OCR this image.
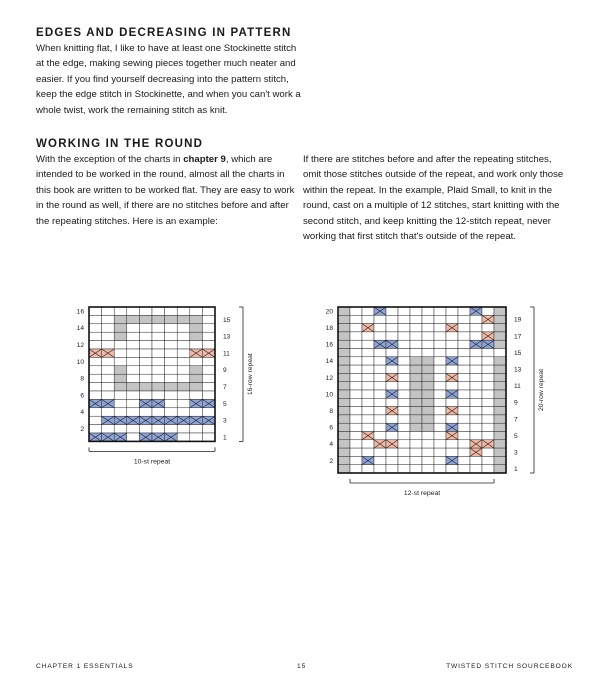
EDGES AND DECREASING IN PATTERN

When knitting flat, I like to have at least one Stockinette stitch at the edge, making sewing pieces together much neater and easier. If you find yourself decreasing into the pattern stitch, keep the edge stitch in Stockinette, and when you can't work a whole twist, work the remaining stitch as knit.

WORKING IN THE ROUND

With the exception of the charts in chapter 9, which are intended to be worked in the round, almost all the charts in this book are written to be worked flat. They are easy to work in the round as well, if there are no stitches before and after the repeating stitches. Here is an example:

If there are stitches before and after the repeating stitches, omit those stitches outside of the repeat, and work only those within the repeat. In the example, Plaid Small, to knit in the round, cast on a multiple of 12 stitches, start knitting with the second stitch, and keep knitting the 12-stitch repeat, never working that first stitch that's outside of the repeat.

2
4
6
8
10
12
14
16
1
3
5
7
9
11
13
15
10-st repeat
16-row repeat
2
4
6
8
10
12
14
16
18
20
1
3
5
7
9
11
13
15
17
19
12-st repeat
20-row repeat
CHAPTER 1 ESSENTIALS	15	TWISTED STITCH SOURCEBOOK
